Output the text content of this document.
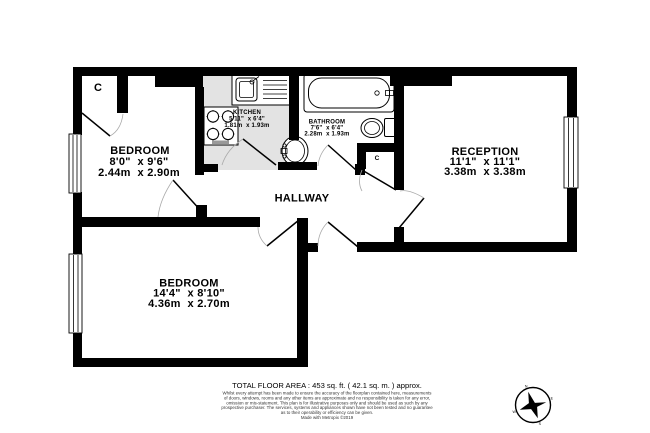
BEDROOM
8'0"  x 9'6"
2.44m  x 2.90m
KITCHEN
5'11"  x 6'4"
1.81m  x 1.93m
BATHROOM
7'6"  x 6'4"
2.28m  x 1.93m
RECEPTION
11'1"  x 11'1"
3.38m  x 3.38m
HALLWAY
BEDROOM
14'4"  x 8'10"
4.36m  x 2.70m
C
C
TOTAL FLOOR AREA : 453 sq. ft. ( 42.1 sq. m. ) approx.
Whilst every attempt has been made to ensure the accuracy of the floorplan contained here, measurements
of doors, windows, rooms and any other items are approximate and no responsibility is taken for any error,
omission or mis-statement. This plan is for illustrative purposes only and should be used as such by any
prospective purchaser. The services, systems and appliances shown have not been tested and no guarantee
as to their operability or efficiency can be given.
Made with Metropix ©2019
N
E
S
W
